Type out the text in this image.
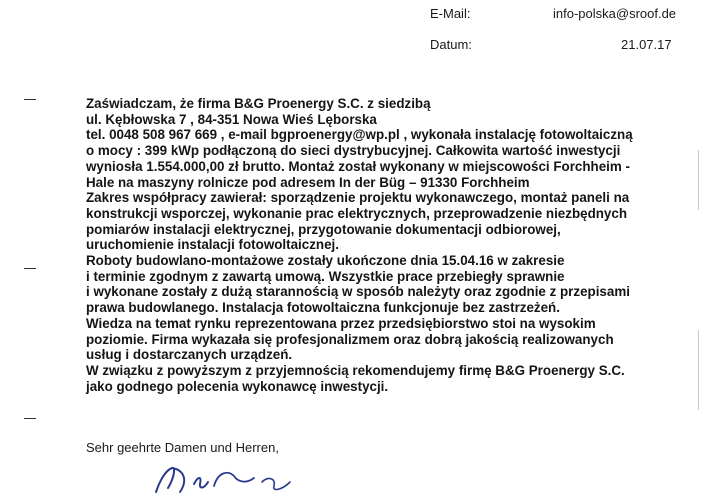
E-Mail:	info-polska@sroof.de
Datum:	21.07.17
Zaświadczam, że firma B&G Proenergy S.C. z siedzibą
ul. Kębłowska 7 , 84-351 Nowa Wieś Lęborska
tel. 0048 508 967 669 , e-mail bgproenergy@wp.pl , wykonała instalację fotowoltaiczną
o mocy : 399 kWp podłączoną do sieci dystrybucyjnej. Całkowita wartość inwestycji
wyniosła 1.554.000,00 zł brutto. Montaż został wykonany w miejscowości Forchheim -
Hale na maszyny rolnicze pod adresem In der Büg – 91330 Forchheim
Zakres współpracy zawierał: sporządzenie projektu wykonawczego, montaż paneli na
konstrukcji wsporczej, wykonanie prac elektrycznych, przeprowadzenie niezbędnych
pomiarów instalacji elektrycznej, przygotowanie dokumentacji odbiorowej,
uruchomienie instalacji fotowoltaicznej.
Roboty budowlano-montażowe zostały ukończone dnia 15.04.16 w zakresie
i terminie zgodnym z zawartą umową. Wszystkie prace przebiegły sprawnie
i wykonane zostały z dużą starannością w sposób należyty oraz zgodnie z przepisami
prawa budowlanego. Instalacja fotowoltaiczna funkcjonuje bez zastrzeżeń.
Wiedza na temat rynku reprezentowana przez przedsiębiorstwo stoi na wysokim
poziomie. Firma wykazała się profesjonalizmem oraz dobrą jakością realizowanych
usług i dostarczanych urządzeń.
W związku z powyższym z przyjemnością rekomendujemy firmę B&G Proenergy S.C.
jako godnego polecenia wykonawcę inwestycji.
Sehr geehrte Damen und Herren,
